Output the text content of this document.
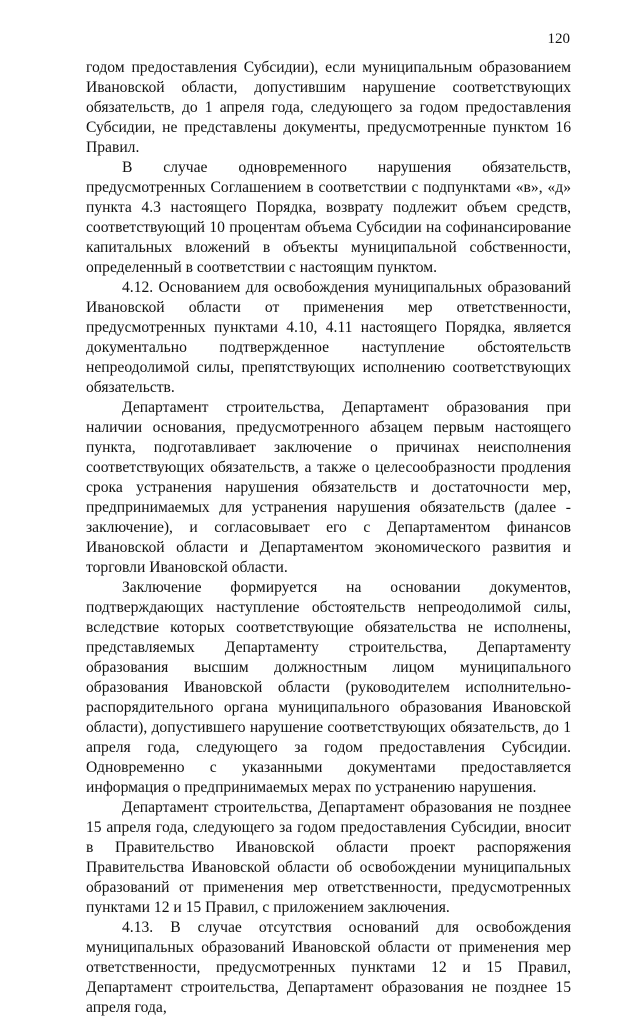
120

годом предоставления Субсидии), если муниципальным образованием Ивановской области, допустившим нарушение соответствующих обязательств, до 1 апреля года, следующего за годом предоставления Субсидии, не представлены документы, предусмотренные пунктом 16 Правил.

В случае одновременного нарушения обязательств, предусмотренных Соглашением в соответствии с подпунктами «в», «д» пункта 4.3 настоящего Порядка, возврату подлежит объем средств, соответствующий 10 процентам объема Субсидии на софинансирование капитальных вложений в объекты муниципальной собственности, определенный в соответствии с настоящим пунктом.

4.12. Основанием для освобождения муниципальных образований Ивановской области от применения мер ответственности, предусмотренных пунктами 4.10, 4.11 настоящего Порядка, является документально подтвержденное наступление обстоятельств непреодолимой силы, препятствующих исполнению соответствующих обязательств.

Департамент строительства, Департамент образования при наличии основания, предусмотренного абзацем первым настоящего пункта, подготавливает заключение о причинах неисполнения соответствующих обязательств, а также о целесообразности продления срока устранения нарушения обязательств и достаточности мер, предпринимаемых для устранения нарушения обязательств (далее - заключение), и согласовывает его с Департаментом финансов Ивановской области и Департаментом экономического развития и торговли Ивановской области.

Заключение формируется на основании документов, подтверждающих наступление обстоятельств непреодолимой силы, вследствие которых соответствующие обязательства не исполнены, представляемых Департаменту строительства, Департаменту образования высшим должностным лицом муниципального образования Ивановской области (руководителем исполнительно-распорядительного органа муниципального образования Ивановской области), допустившего нарушение соответствующих обязательств, до 1 апреля года, следующего за годом предоставления Субсидии. Одновременно с указанными документами предоставляется информация о предпринимаемых мерах по устранению нарушения.

Департамент строительства, Департамент образования не позднее 15 апреля года, следующего за годом предоставления Субсидии, вносит в Правительство Ивановской области проект распоряжения Правительства Ивановской области об освобождении муниципальных образований от применения мер ответственности, предусмотренных пунктами 12 и 15 Правил, с приложением заключения.

4.13. В случае отсутствия оснований для освобождения муниципальных образований Ивановской области от применения мер ответственности, предусмотренных пунктами 12 и 15 Правил, Департамент строительства, Департамент образования не позднее 15 апреля года,
